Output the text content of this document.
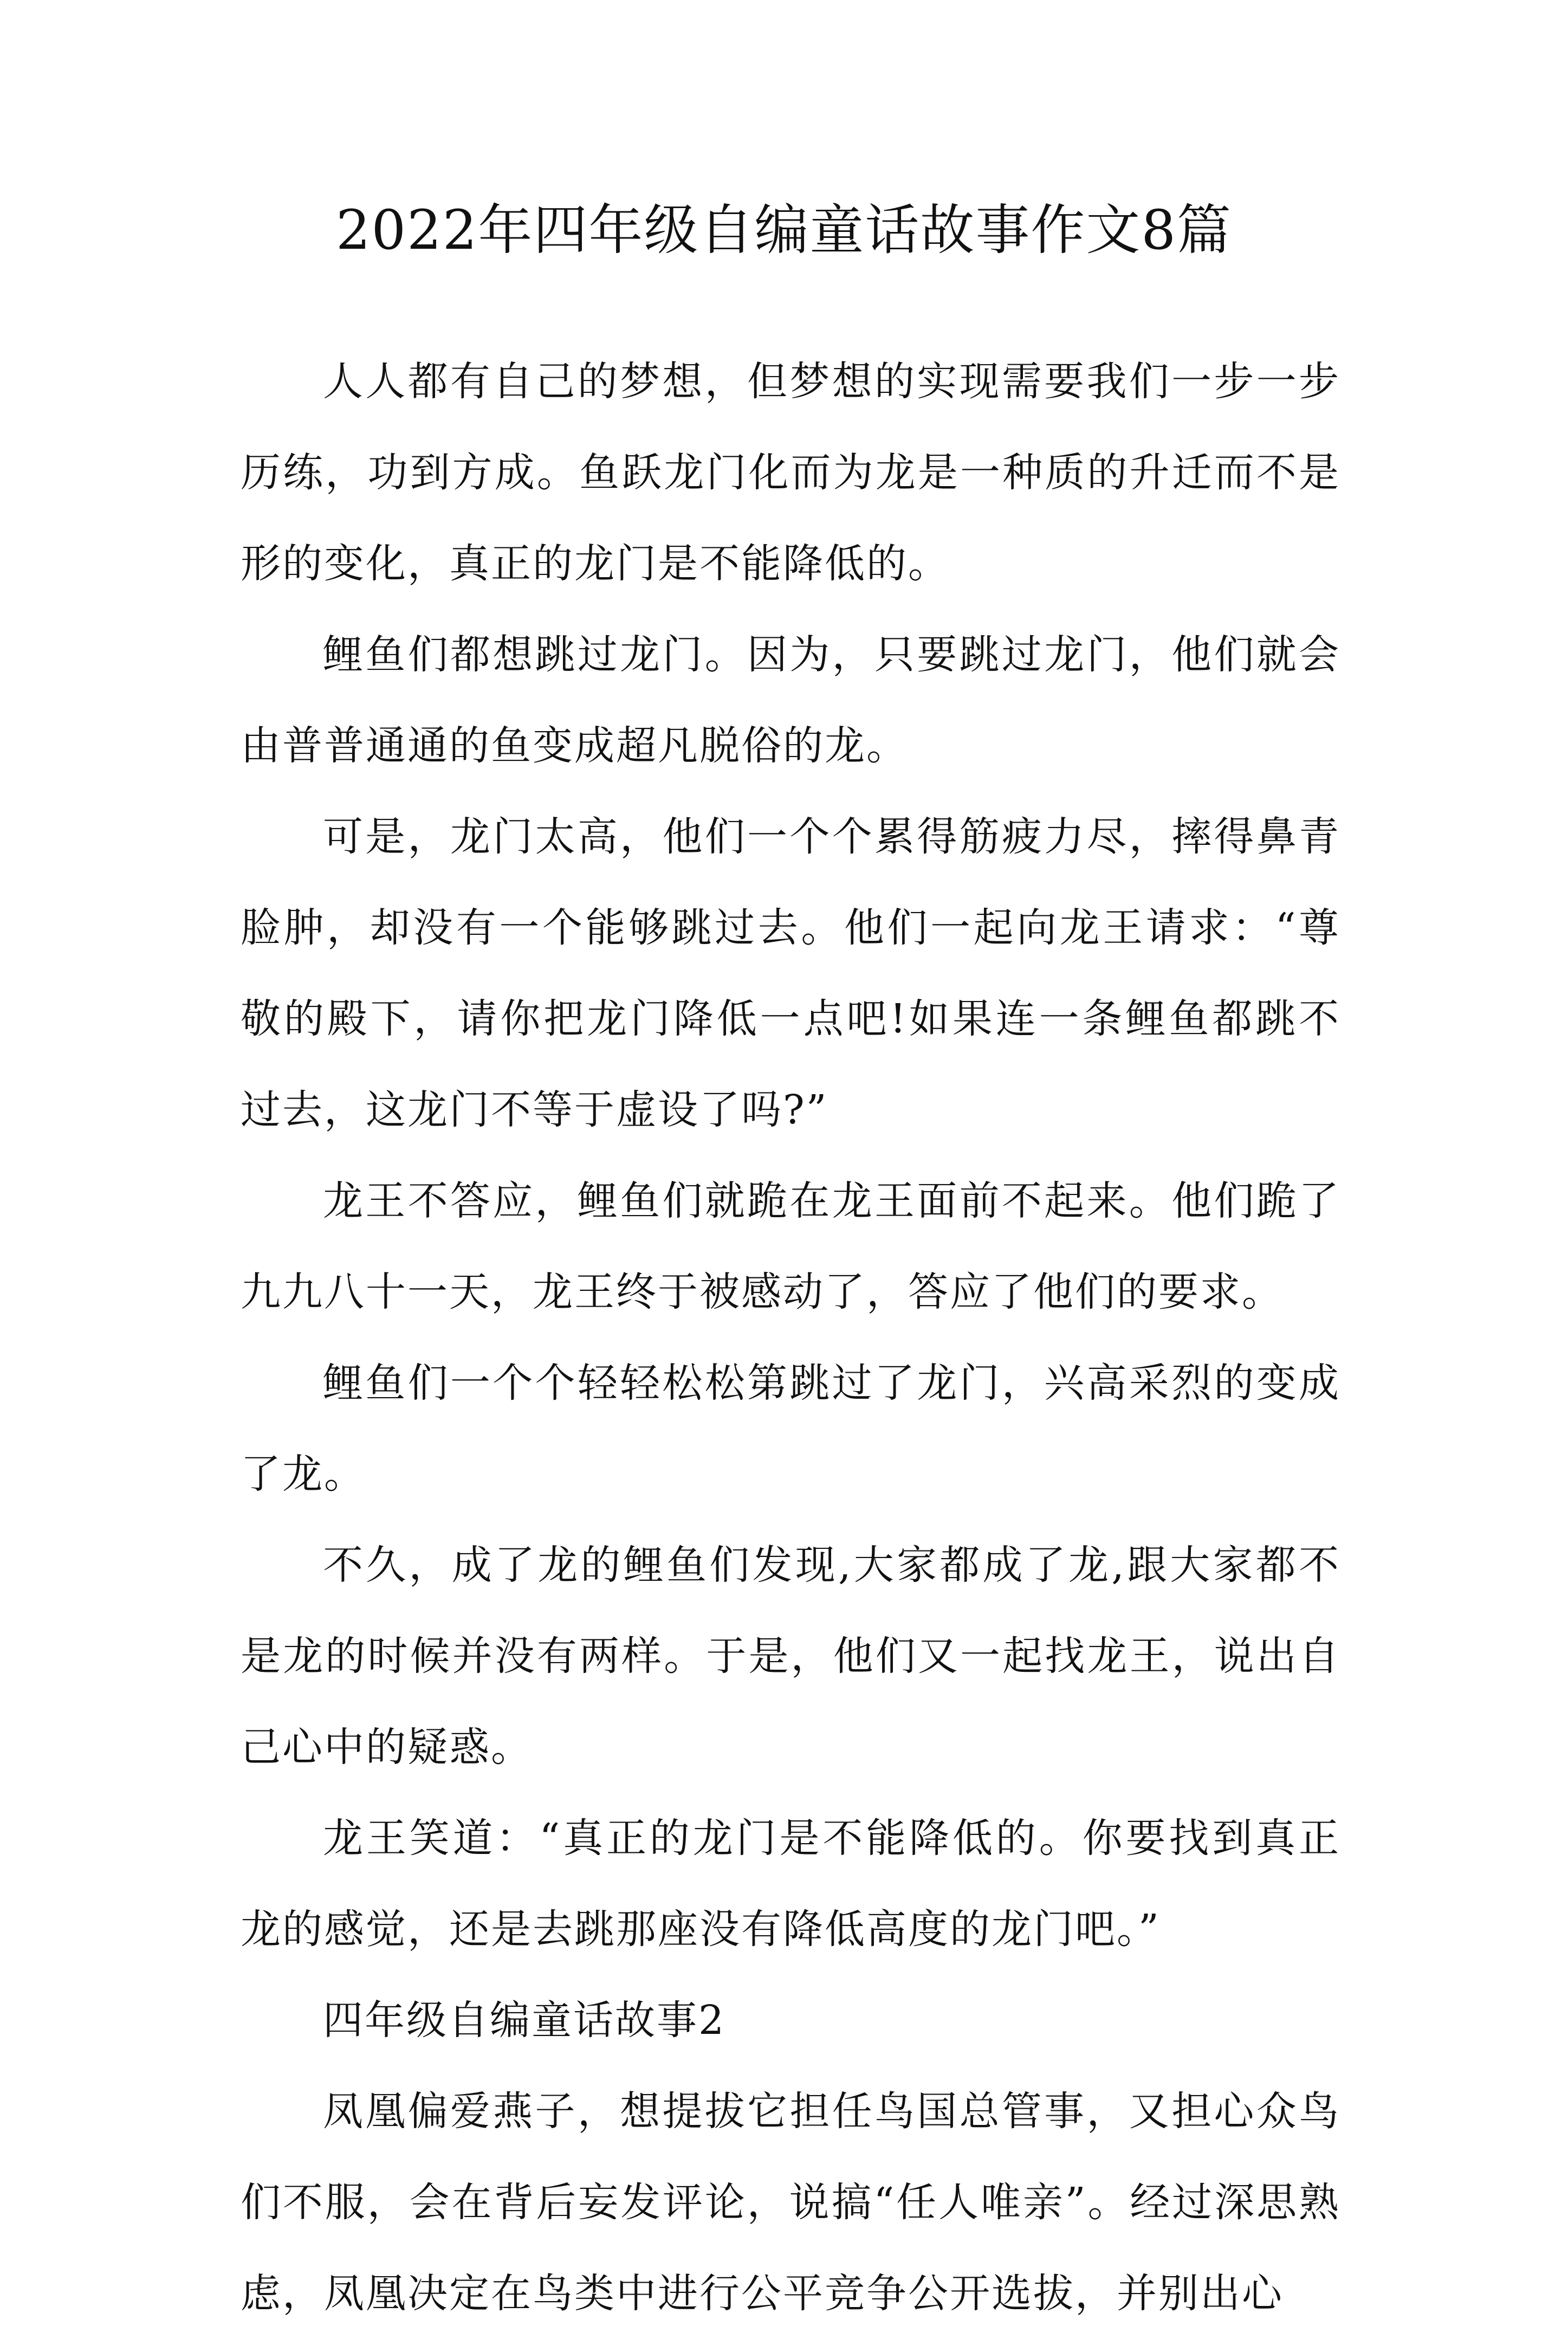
2022年四年级自编童话故事作文8篇

人人都有自己的梦想，但梦想的实现需要我们一步一步历练，功到方成。鱼跃龙门化而为龙是一种质的升迁而不是形的变化，真正的龙门是不能降低的。

鲤鱼们都想跳过龙门。因为，只要跳过龙门，他们就会由普普通通的鱼变成超凡脱俗的龙。

可是，龙门太高，他们一个个累得筋疲力尽，摔得鼻青脸肿，却没有一个能够跳过去。他们一起向龙王请求：“尊敬的殿下，请你把龙门降低一点吧!如果连一条鲤鱼都跳不过去，这龙门不等于虚设了吗?”

龙王不答应，鲤鱼们就跪在龙王面前不起来。他们跪了九九八十一天，龙王终于被感动了，答应了他们的要求。

鲤鱼们一个个轻轻松松第跳过了龙门，兴高采烈的变成了龙。

不久，成了龙的鲤鱼们发现,大家都成了龙,跟大家都不是龙的时候并没有两样。于是，他们又一起找龙王，说出自己心中的疑惑。

龙王笑道：“真正的龙门是不能降低的。你要找到真正龙的感觉，还是去跳那座没有降低高度的龙门吧。”

四年级自编童话故事2

凤凰偏爱燕子，想提拔它担任鸟国总管事，又担心众鸟们不服，会在背后妄发评论，说搞“任人唯亲”。经过深思熟虑，凤凰决定在鸟类中进行公平竞争公开选拔，并别出心
